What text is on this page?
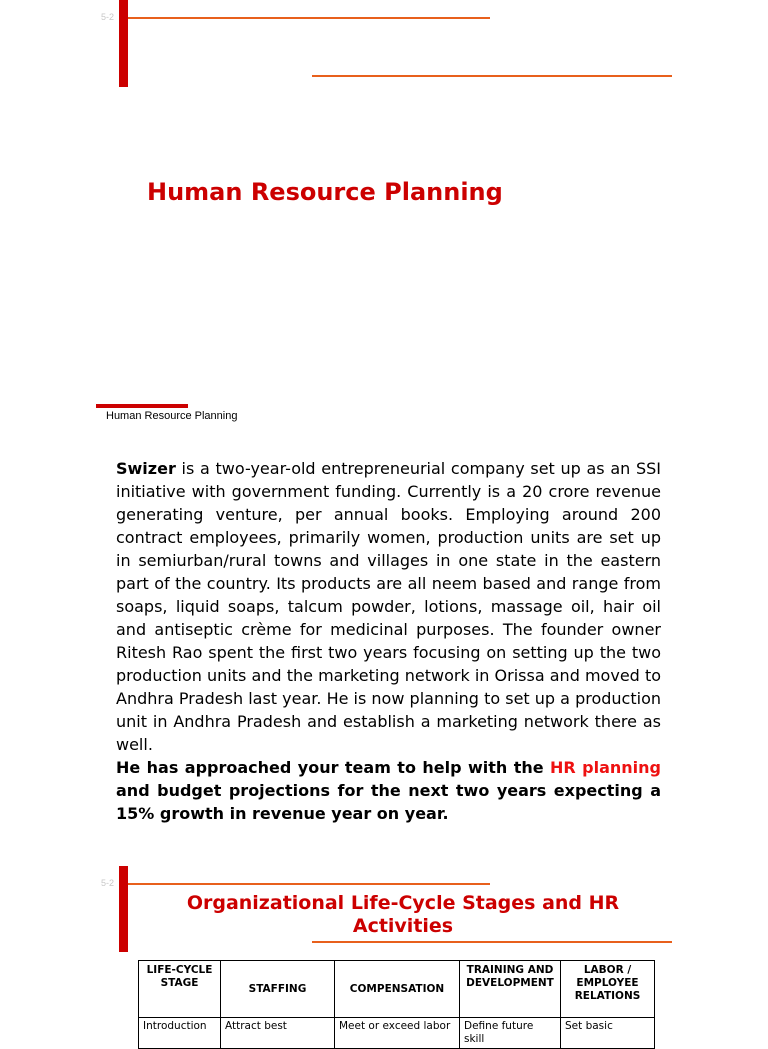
5-2
Human Resource Planning
Human Resource Planning

Swizer is a two-year-old entrepreneurial company set up as an SSI initiative with government funding. Currently is a 20 crore revenue generating venture, per annual books. Employing around 200 contract employees, primarily women, production units are set up in semiurban/rural towns and villages in one state in the eastern part of the country. Its products are all neem based and range from soaps, liquid soaps, talcum powder, lotions, massage oil, hair oil and antiseptic crème for medicinal purposes. The founder owner Ritesh Rao spent the first two years focusing on setting up the two production units and the marketing network in Orissa and moved to Andhra Pradesh last year. He is now planning to set up a production unit in Andhra Pradesh and establish a marketing network there as well.
He has approached your team to help with the HR planning and budget projections for the next two years expecting a 15% growth in revenue year on year.

5-2
Organizational Life-Cycle Stages and HR Activities
LIFE-CYCLE STAGE	STAFFING	COMPENSATION	TRAINING AND DEVELOPMENT	LABOR / EMPLOYEE RELATIONS
Introduction	Attract best	Meet or exceed labor	Define future skill	Set basic
